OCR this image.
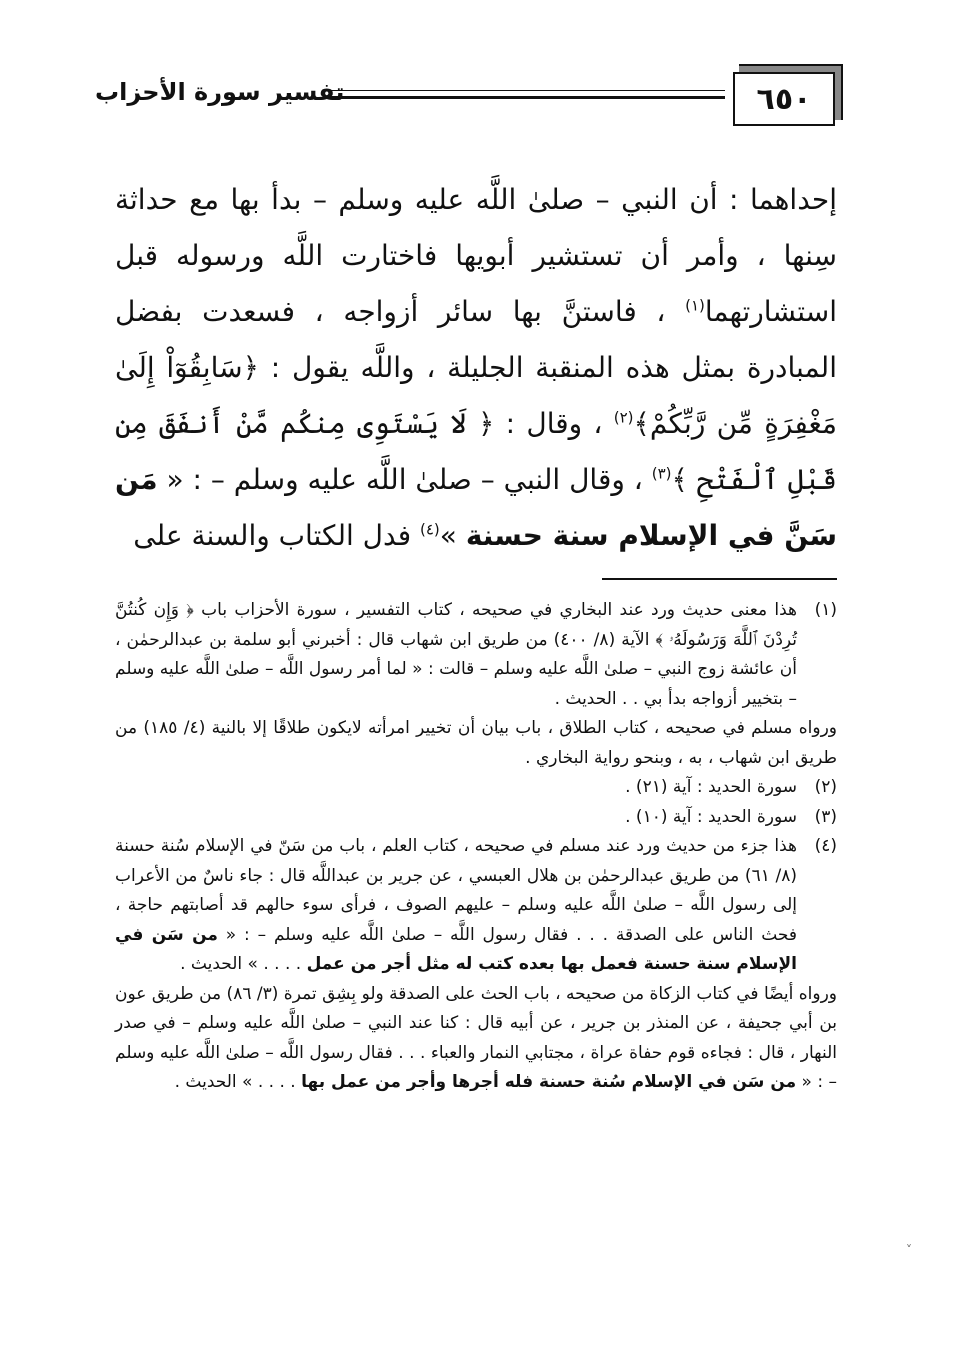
٦٥٠
تفسير سورة الأحزاب
إحداهما : أن النبي – صلىٰ اللَّه عليه وسلم – بدأ بها مع حداثة سِنها ، وأمر أن تستشير أبويها فاختارت اللَّه ورسوله قبل استشارتهما$^{(١)}$ ، فاستنَّ بها سائر أزواجه ، فسعدت بفضل المبادرة بمثل هذه المنقبة الجليلة ، واللَّه يقول : ﴿سَابِقُوٓاْ إِلَىٰ مَغْفِرَةٍ مِّن رَّبِّكُمْ﴾$^{(٢)}$ ، وقال : ﴿ لَا يَسْتَوِى مِنكُم مَّنْ أَنفَقَ مِن قَبْلِ ٱلْفَتْحِ ﴾$^{(٣)}$ ، وقال النبي – صلىٰ اللَّه عليه وسلم – : « مَن سَنَّ في الإسلام سنة حسنة »$^{(٤)}$ فدل الكتاب والسنة على
(١)
هذا معنى حديث ورد عند البخاري في صحيحه ، كتاب التفسير ، سورة الأحزاب باب ﴿ وَإِن كُنتُنَّ تُرِدْنَ ٱللَّهَ وَرَسُولَهُۥ ﴾ الآية (٨/ ٤٠٠) من طريق ابن شهاب قال : أخبرني أبو سلمة بن عبدالرحمٰن ، أن عائشة زوج النبي – صلىٰ اللَّه عليه وسلم – قالت : « لما أمر رسول اللَّه – صلىٰ اللَّه عليه وسلم – بتخيير أزواجه بدأ بي . . الحديث .
ورواه مسلم في صحيحه ، كتاب الطلاق ، باب بيان أن تخيير امرأته لايكون طلاقًا إلا بالنية (٤/ ١٨٥) من طريق ابن شهاب ، به ، وبنحو رواية البخاري .
(٢)
سورة الحديد : آية (٢١) .
(٣)
سورة الحديد : آية (١٠) .
(٤)
هذا جزء من حديث ورد عند مسلم في صحيحه ، كتاب العلم ، باب من سَنّ في الإسلام سُنة حسنة (٨/ ٦١) من طريق عبدالرحمٰن بن هلال العبسي ، عن جرير بن عبداللَّه قال : جاء ناسٌ من الأعراب إلى رسول اللَّه – صلىٰ اللَّه عليه وسلم – عليهم الصوف ، فرأى سوء حالهم قد أصابتهم حاجة ، فحث الناس على الصدقة . . . فقال رسول اللَّه – صلىٰ اللَّه عليه وسلم – : « من سَن في الإسلام سنة حسنة فعمل بها بعده كتب له مثل أجر من عمل . . . . » الحديث .
ورواه أيضًا في كتاب الزكاة من صحيحه ، باب الحث على الصدقة ولو بِشِق تمرة (٣/ ٨٦) من طريق عون بن أبي جحيفة ، عن المنذر بن جرير ، عن أبيه قال : كنا عند النبي – صلىٰ اللَّه عليه وسلم – في صدر النهار ، قال : فجاءه قوم حفاة عراة ، مجتابي النمار والعباء . . . فقال رسول اللَّه – صلىٰ اللَّه عليه وسلم – : « من سَن في الإسلام سُنة حسنة فله أجرها وأجر من عمل بها . . . . » الحديث .
˅
